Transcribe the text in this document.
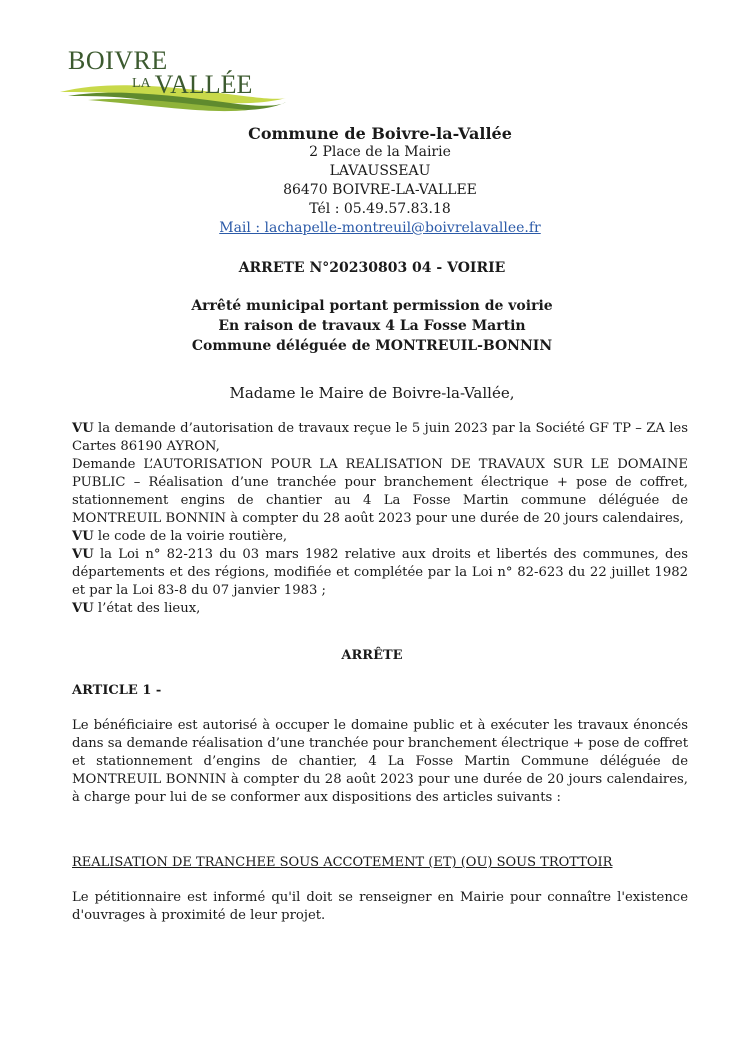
BOIVRE
$^{LA}$ VALLÉE
Commune de Boivre-la-Vallée
2 Place de la Mairie
LAVAUSSEAU
86470 BOIVRE-LA-VALLEE
Tél : 05.49.57.83.18
Mail : lachapelle-montreuil@boivrelavallee.fr
ARRETE N°20230803 04 - VOIRIE
Arrêté municipal portant permission de voirie
En raison de travaux 4 La Fosse Martin
Commune déléguée de MONTREUIL-BONNIN
Madame le Maire de Boivre-la-Vallée,

VU la demande d’autorisation de travaux reçue le 5 juin 2023 par la Société GF TP – ZA les Cartes 86190 AYRON,

Demande L’AUTORISATION POUR LA REALISATION DE TRAVAUX SUR LE DOMAINE PUBLIC – Réalisation d’une tranchée pour branchement électrique + pose de coffret, stationnement engins de chantier au 4 La Fosse Martin commune déléguée de MONTREUIL BONNIN à compter du 28 août 2023 pour une durée de 20 jours calendaires,

VU le code de la voirie routière,

VU la Loi n° 82-213 du 03 mars 1982 relative aux droits et libertés des communes, des départements et des régions, modifiée et complétée par la Loi n° 82-623 du 22 juillet 1982 et par la Loi 83-8 du 07 janvier 1983 ;

VU l’état des lieux,

ARRÊTE
ARTICLE 1 -
Le bénéficiaire est autorisé à occuper le domaine public et à exécuter les travaux énoncés dans sa demande réalisation d’une tranchée pour branchement électrique + pose de coffret et stationnement d’engins de chantier, 4 La Fosse Martin Commune déléguée de MONTREUIL BONNIN à compter du 28 août 2023 pour une durée de 20 jours calendaires, à charge pour lui de se conformer aux dispositions des articles suivants :
REALISATION DE TRANCHEE SOUS ACCOTEMENT (ET) (OU) SOUS TROTTOIR
Le pétitionnaire est informé qu'il doit se renseigner en Mairie pour connaître l'existence d'ouvrages à proximité de leur projet.
